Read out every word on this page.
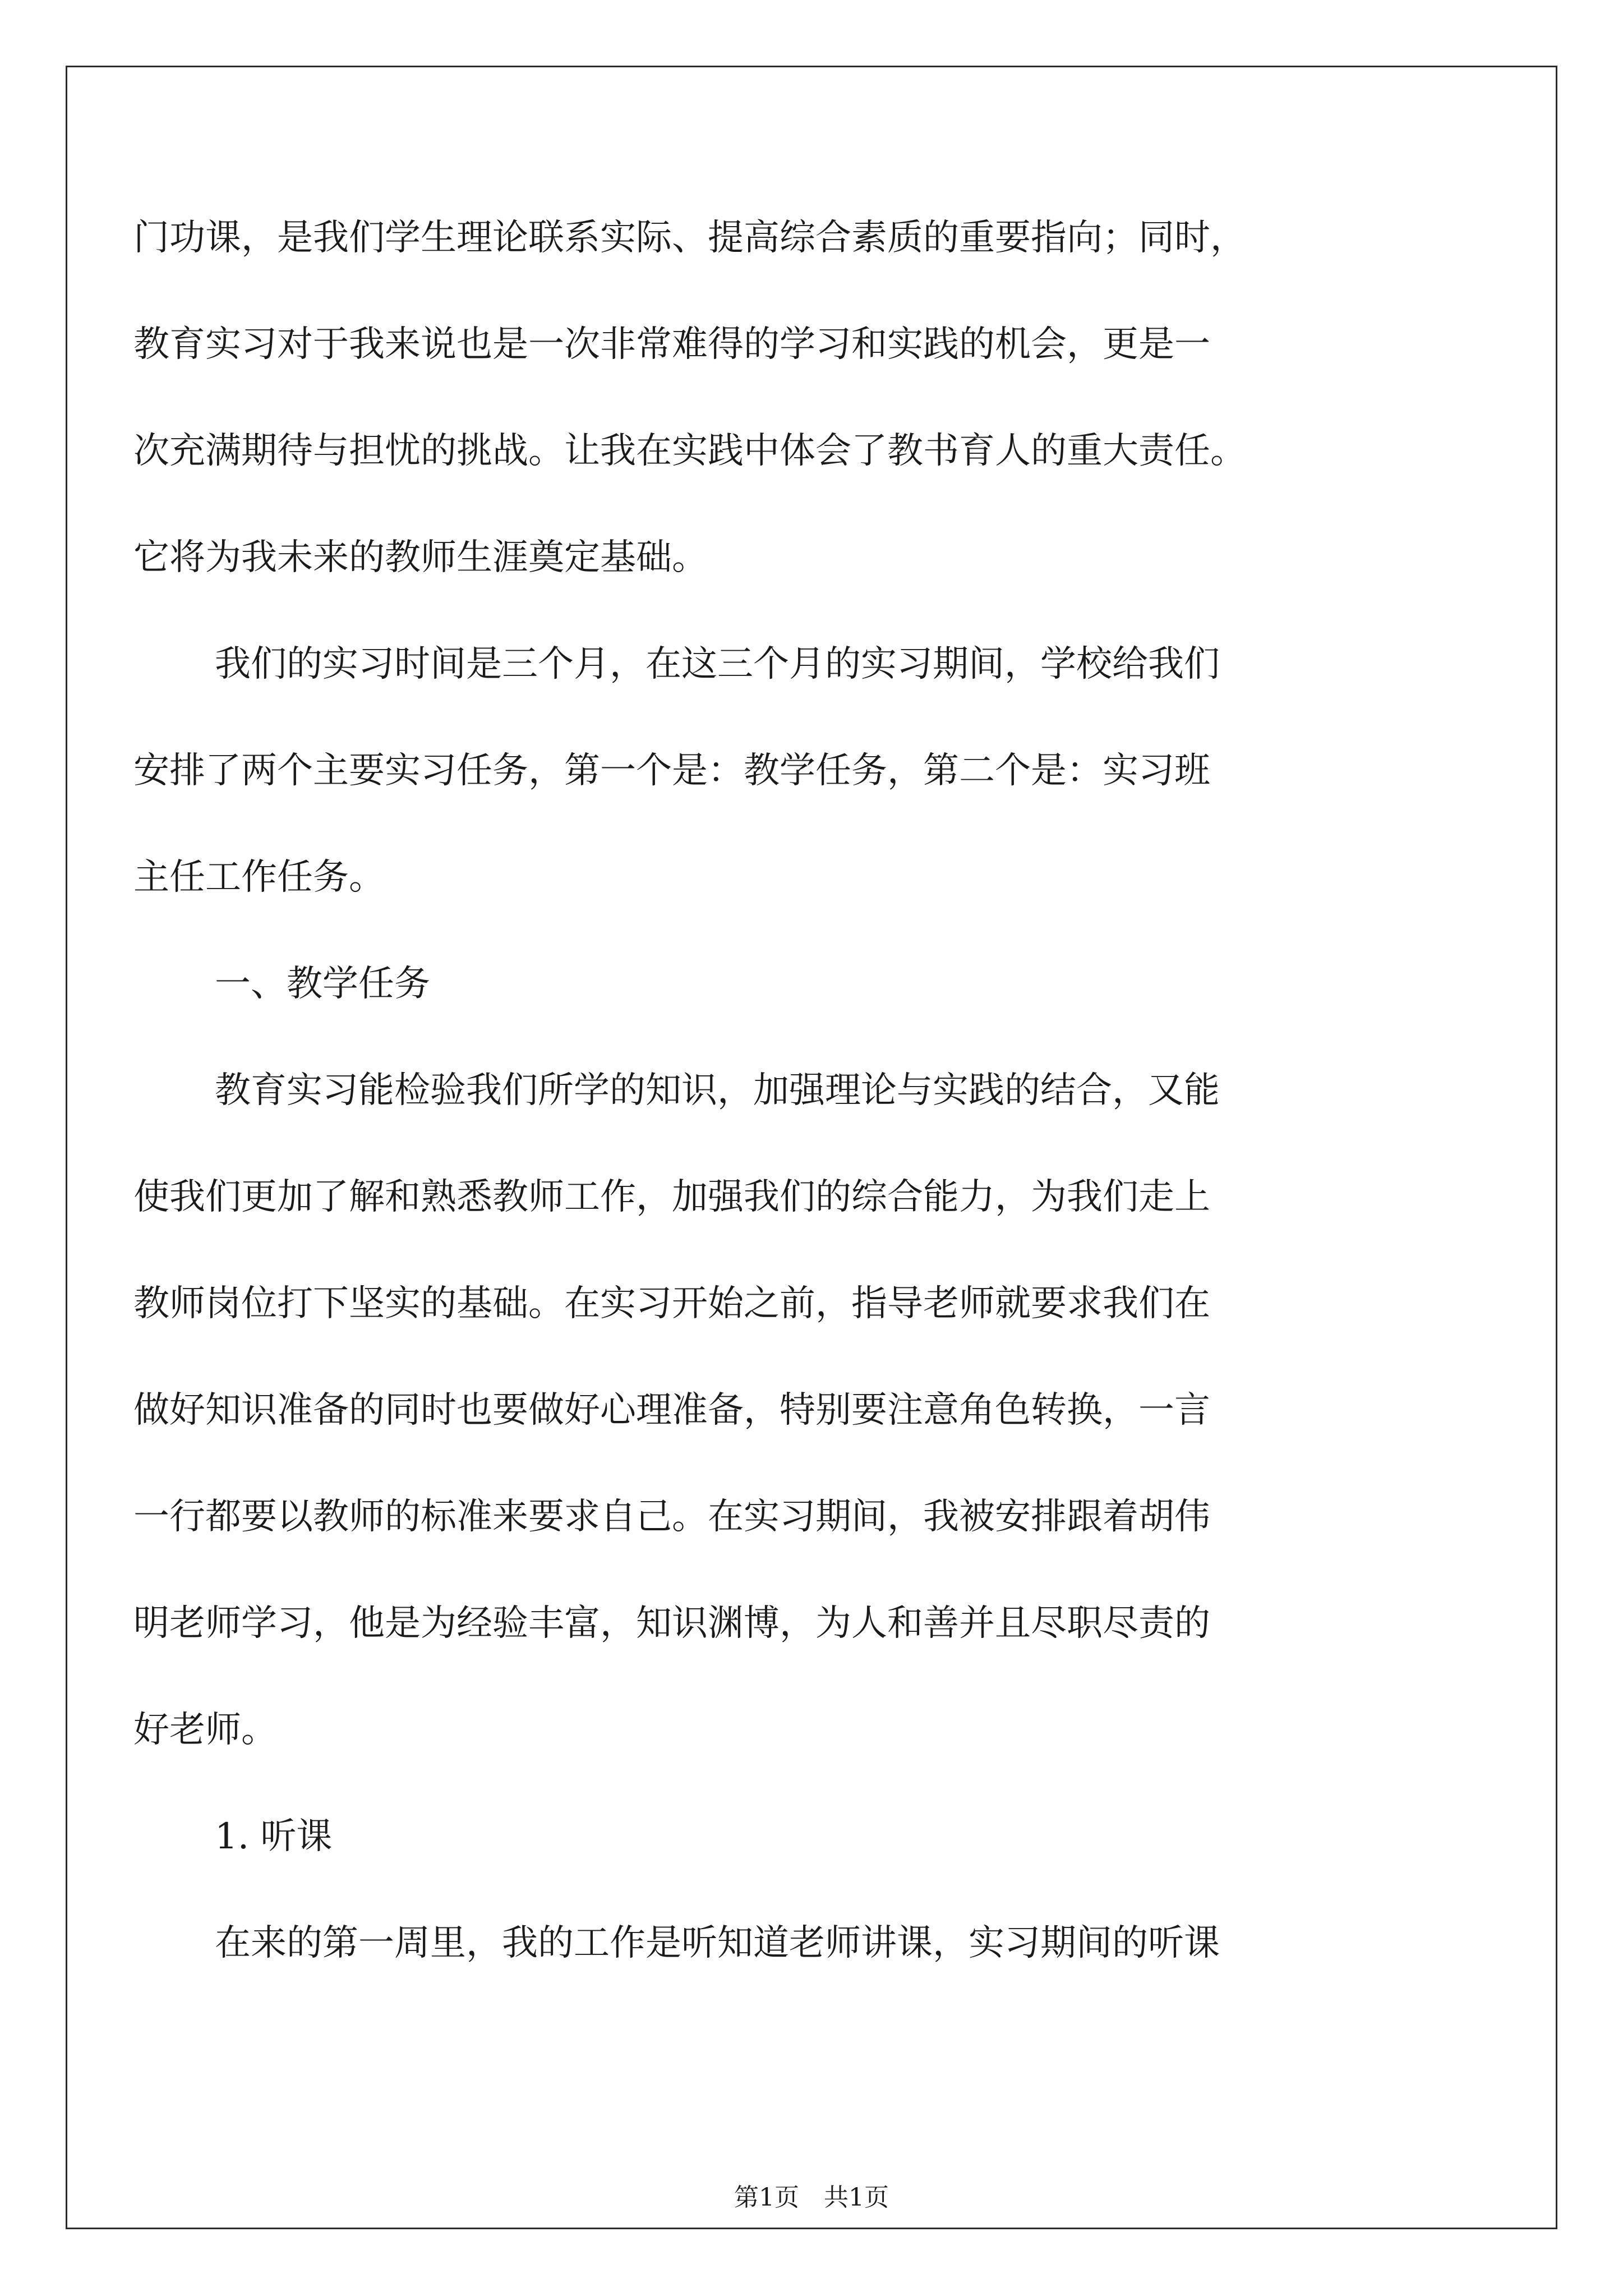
门功课，是我们学生理论联系实际、提高综合素质的重要指向；同时，
教育实习对于我来说也是一次非常难得的学习和实践的机会，更是一
次充满期待与担忧的挑战。让我在实践中体会了教书育人的重大责任。
它将为我未来的教师生涯奠定基础。
我们的实习时间是三个月，在这三个月的实习期间，学校给我们
安排了两个主要实习任务，第一个是：教学任务，第二个是：实习班
主任工作任务。
一、教学任务
教育实习能检验我们所学的知识，加强理论与实践的结合，又能
使我们更加了解和熟悉教师工作，加强我们的综合能力，为我们走上
教师岗位打下坚实的基础。在实习开始之前，指导老师就要求我们在
做好知识准备的同时也要做好心理准备，特别要注意角色转换，一言
一行都要以教师的标准来要求自己。在实习期间，我被安排跟着胡伟
明老师学习，他是为经验丰富，知识渊博，为人和善并且尽职尽责的
好老师。
1. 听课
在来的第一周里，我的工作是听知道老师讲课，实习期间的听课
第1页　共1页
